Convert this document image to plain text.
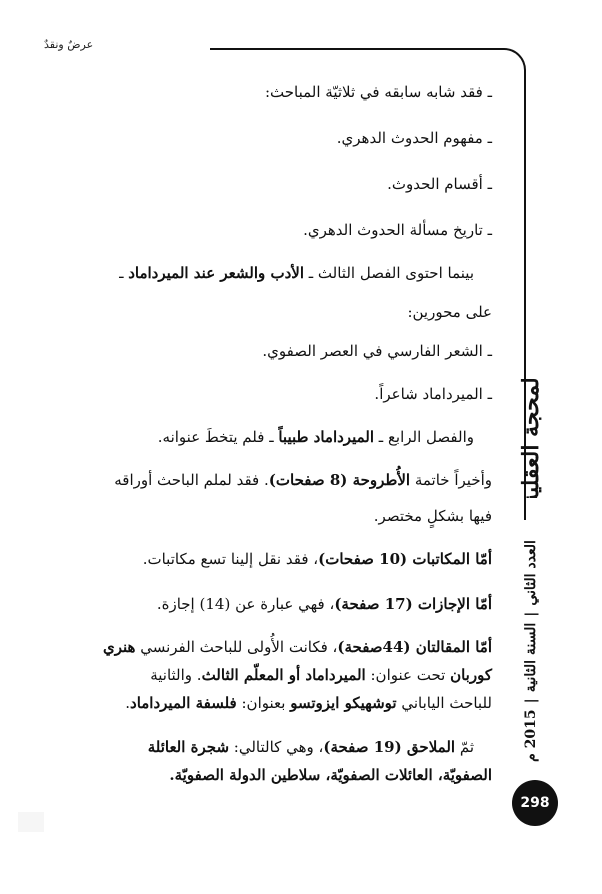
عرضٌ ونقدٌ
المحجة العقلية
العدد الثاني
|
السنة الثانية
|
2015 م
298

ـ فقد شابه سابقه في ثلاثيّة المباحث:

ـ مفهوم الحدوث الدهري.

ـ أقسام الحدوث.

ـ تاريخ مسألة الحدوث الدهري.

بينما احتوى الفصل الثالث ـ الأدب والشعر عند الميرداماد ـ

على محورين:

ـ الشعر الفارسي في العصر الصفوي.

ـ الميرداماد شاعراً.

والفصل الرابع ـ الميرداماد طبيباً ـ فلم يتخطَ عنوانه.

وأخيراً خاتمة الأُطروحة (8 صفحات). فقد لملم الباحث أوراقه

فيها بشكلٍ مختصر.

أمّا المكاتبات (10 صفحات)، فقد نقل إلينا تسع مكاتبات.

أمّا الإجازات (17 صفحة)، فهي عبارة عن (14) إجازة.

أمّا المقالتان (44صفحة)، فكانت الأُولى للباحث الفرنسي هنري

كوربان تحت عنوان: الميرداماد أو المعلّم الثالث. والثانية

للباحث الياباني توشهيكو ايزوتسو بعنوان: فلسفة الميرداماد.

ثمّ الملاحق (19 صفحة)، وهي كالتالي: شجرة العائلة

الصفويّة، العائلات الصفويّة، سلاطين الدولة الصفويّة.
